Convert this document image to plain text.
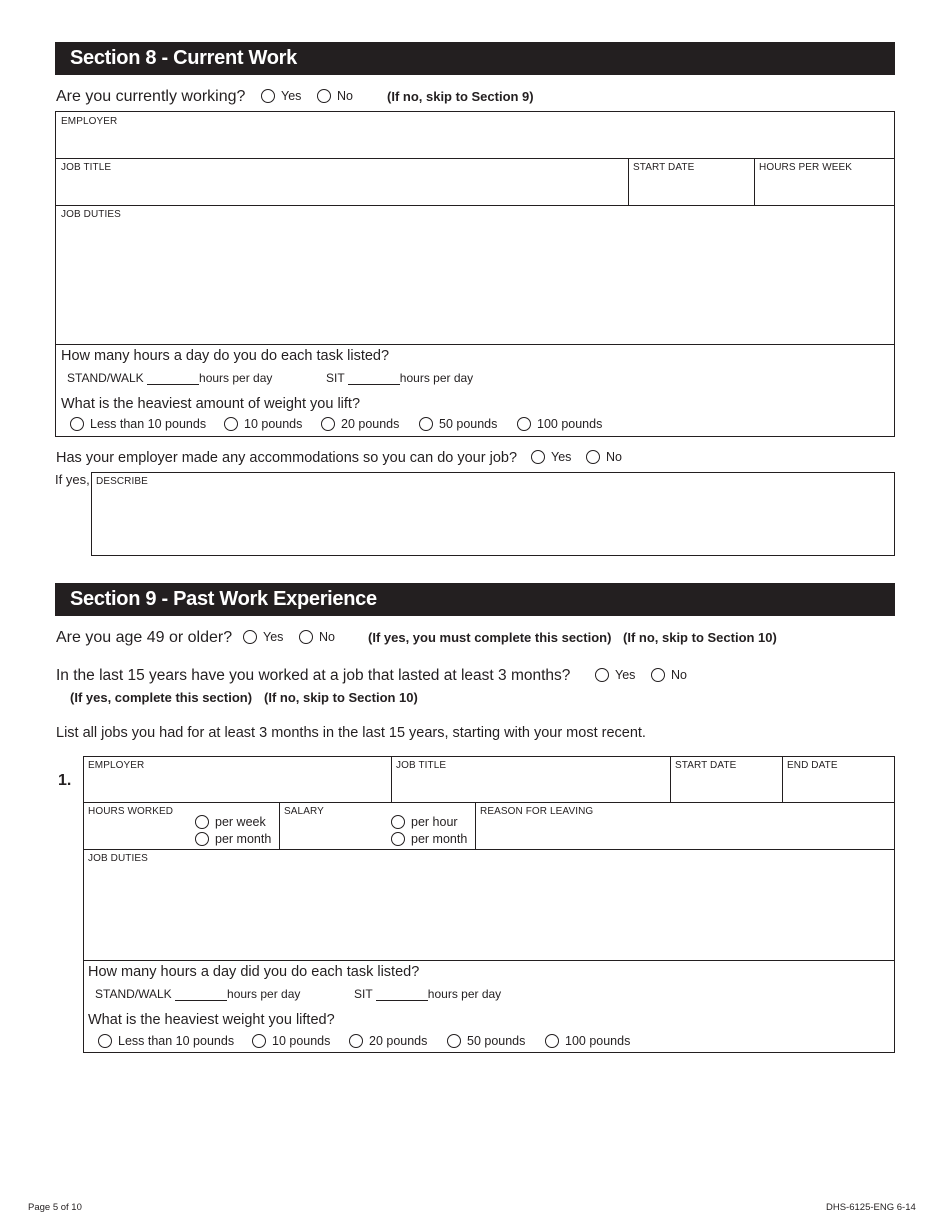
Section 8 - Current Work
Are you currently working?	Yes	No	(If no, skip to Section 9)
EMPLOYER
JOB TITLE	START DATE	HOURS PER WEEK
JOB DUTIES
How many hours a day do you do each task listed?
STAND/WALK	hours per day	SIT	hours per day
What is the heaviest amount of weight you lift?
Less than 10 pounds	10 pounds	20 pounds	50 pounds	100 pounds
Has your employer made any accommodations so you can do your job?	Yes	No
If yes, DESCRIBE
Section 9 - Past Work Experience
Are you age 49 or older? Yes	No	(If yes, you must complete this section) (If no, skip to Section 10)
In the last 15 years have you worked at a job that lasted at least 3 months?	Yes	No
(If yes, complete this section) (If no, skip to Section 10)
List all jobs you had for at least 3 months in the last 15 years, starting with your most recent.
1.
EMPLOYER	JOB TITLE	START DATE	END DATE
HOURS WORKED
per week
per month
SALARY
per hour
per month
REASON FOR LEAVING
JOB DUTIES
How many hours a day did you do each task listed?
STAND/WALK	hours per day	SIT	hours per day
What is the heaviest weight you lifted?
Less than 10 pounds	10 pounds	20 pounds	50 pounds	100 pounds
Page 5 of 10	DHS-6125-ENG 6-14
